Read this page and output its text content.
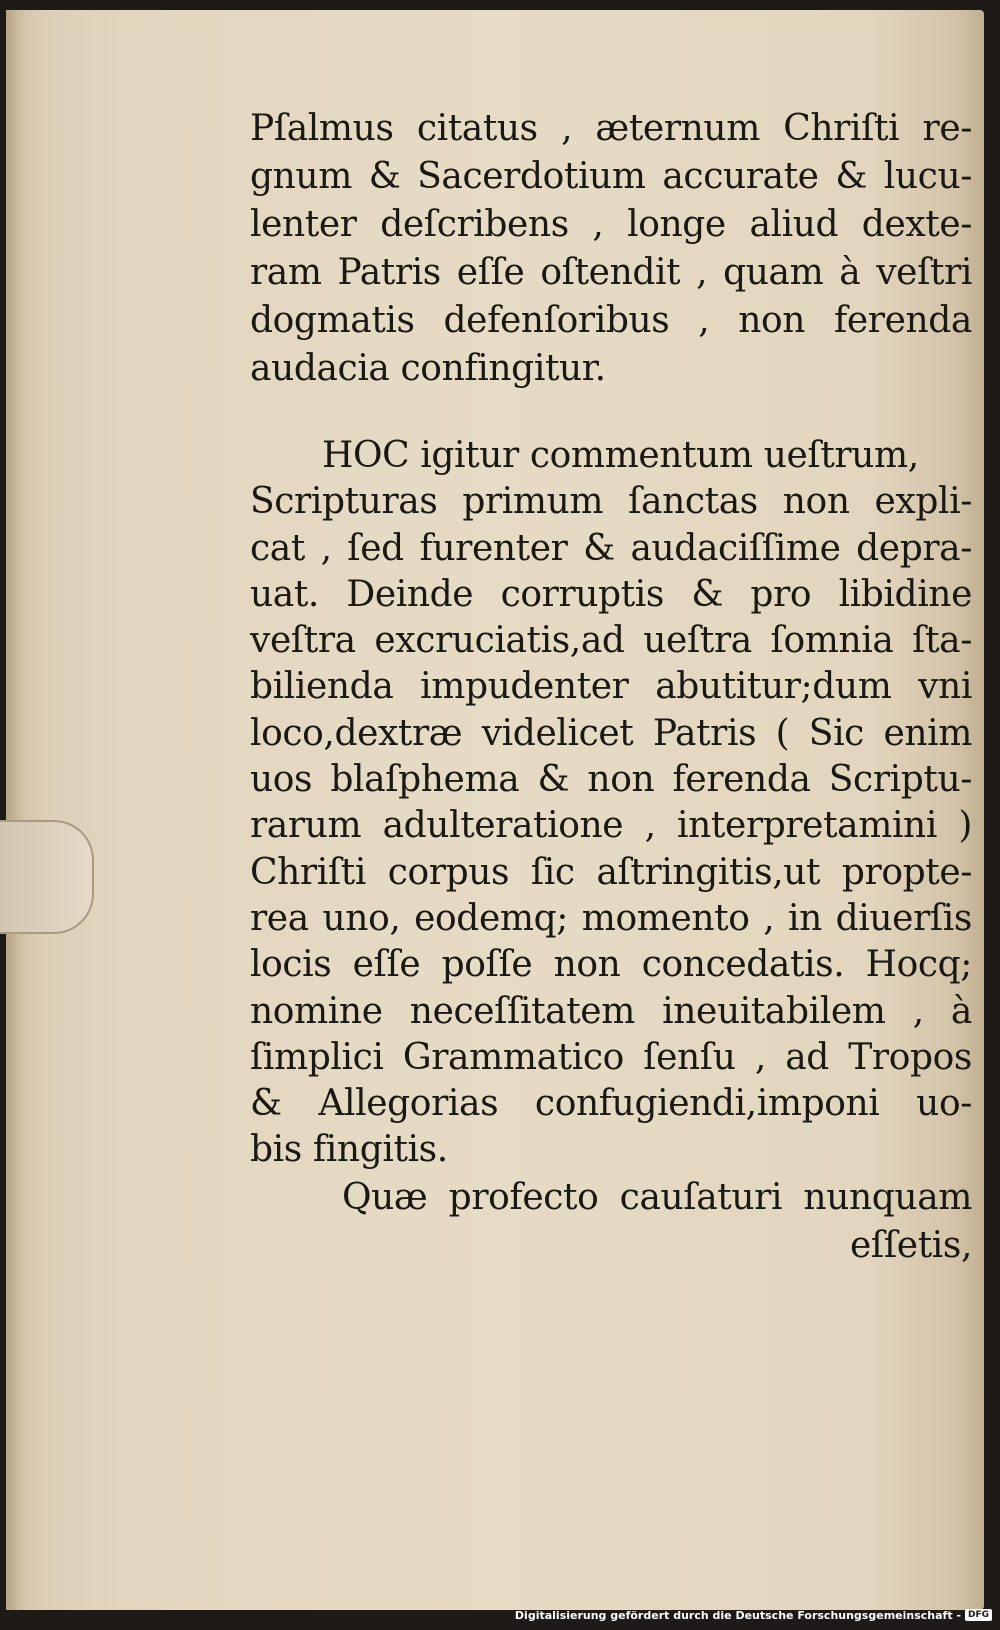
Pſalmus citatus , æternum Chriſti re-
gnum & Sacerdotium accurate & lucu-
lenter deſcribens , longe aliud dexte-
ram Patris eſſe oſtendit , quam à veſtri
dogmatis defenſoribus , non ferenda
audacia confingitur.
HOC igitur commentum ueſtrum,
Scripturas primum ſanctas non expli-
cat , ſed furenter & audaciſſime depra-
uat. Deinde corruptis & pro libidine
veſtra excruciatis,ad ueſtra ſomnia ſta-
bilienda impudenter abutitur;dum vni
loco,dextræ videlicet Patris ( Sic enim
uos blaſphema & non ferenda Scriptu-
rarum adulteratione , interpretamini )
Chriſti corpus ſic aſtringitis,ut propte-
rea uno, eodemq; momento , in diuerſis
locis eſſe poſſe non concedatis. Hocq;
nomine neceſſitatem ineuitabilem , à
ſimplici Grammatico ſenſu , ad Tropos
& Allegorias confugiendi,imponi uo-
bis fingitis.
Quæ profecto cauſaturi nunquam
eſſetis,
Digitalisierung gefördert durch die Deutsche Forschungsgemeinschaft - DFG
